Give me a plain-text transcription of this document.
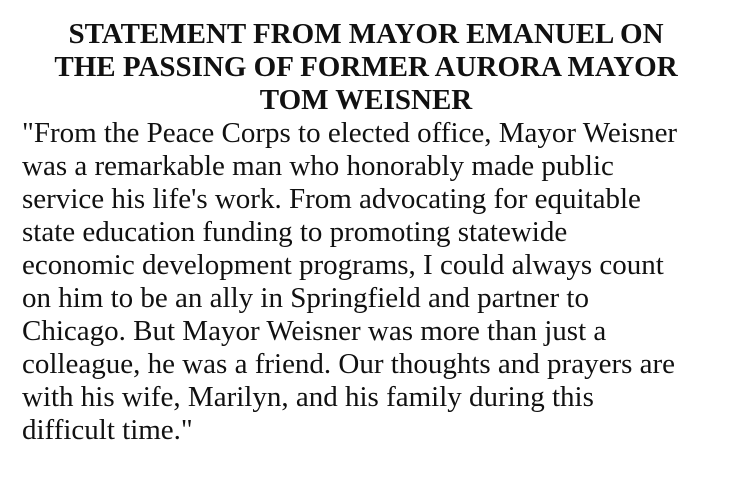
STATEMENT FROM MAYOR EMANUEL ON
THE PASSING OF FORMER AURORA MAYOR
TOM WEISNER

"From the Peace Corps to elected office, Mayor Weisner
was a remarkable man who honorably made public
service his life's work. From advocating for equitable
state education funding to promoting statewide
economic development programs, I could always count
on him to be an ally in Springfield and partner to
Chicago. But Mayor Weisner was more than just a
colleague, he was a friend. Our thoughts and prayers are
with his wife, Marilyn, and his family during this
difficult time."
